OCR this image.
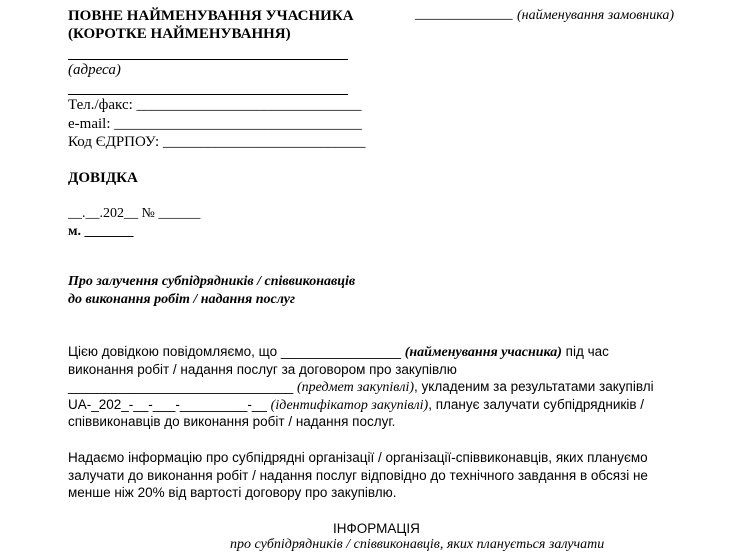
ПОВНЕ НАЙМЕНУВАННЯ УЧАСНИКА
(КОРОТКЕ НАЙМЕНУВАННЯ)
(адреса)
_____________ (найменування замовника)
Тел./факс: ______________________________
e-mail: _________________________________
Код ЄДРПОУ: ___________________________
ДОВІДКА
__.__.202__ № ______
м. _______
Про залучення субпідрядників / співвиконавців
до виконання робіт / надання послуг
Цією довідкою повідомляємо, що ________________ (найменування учасника) під час
виконання робіт / надання послуг за договором про закупівлю
______________________________ (предмет закупівлі), укладеним за результатами закупівлі
UA-_202_-__-___-_________-__ (ідентифікатор закупівлі), планує залучати субпідрядників /
співвиконавців до виконання робіт / надання послуг.
Надаємо інформацію про субпідрядні організації / організації-співвиконавців, яких плануємо
залучати до виконання робіт / надання послуг відповідно до технічного завдання в обсязі не
менше ніж 20% від вартості договору про закупівлю.
ІНФОРМАЦІЯ
про субпідрядників / співвиконавців, яких планується залучати
